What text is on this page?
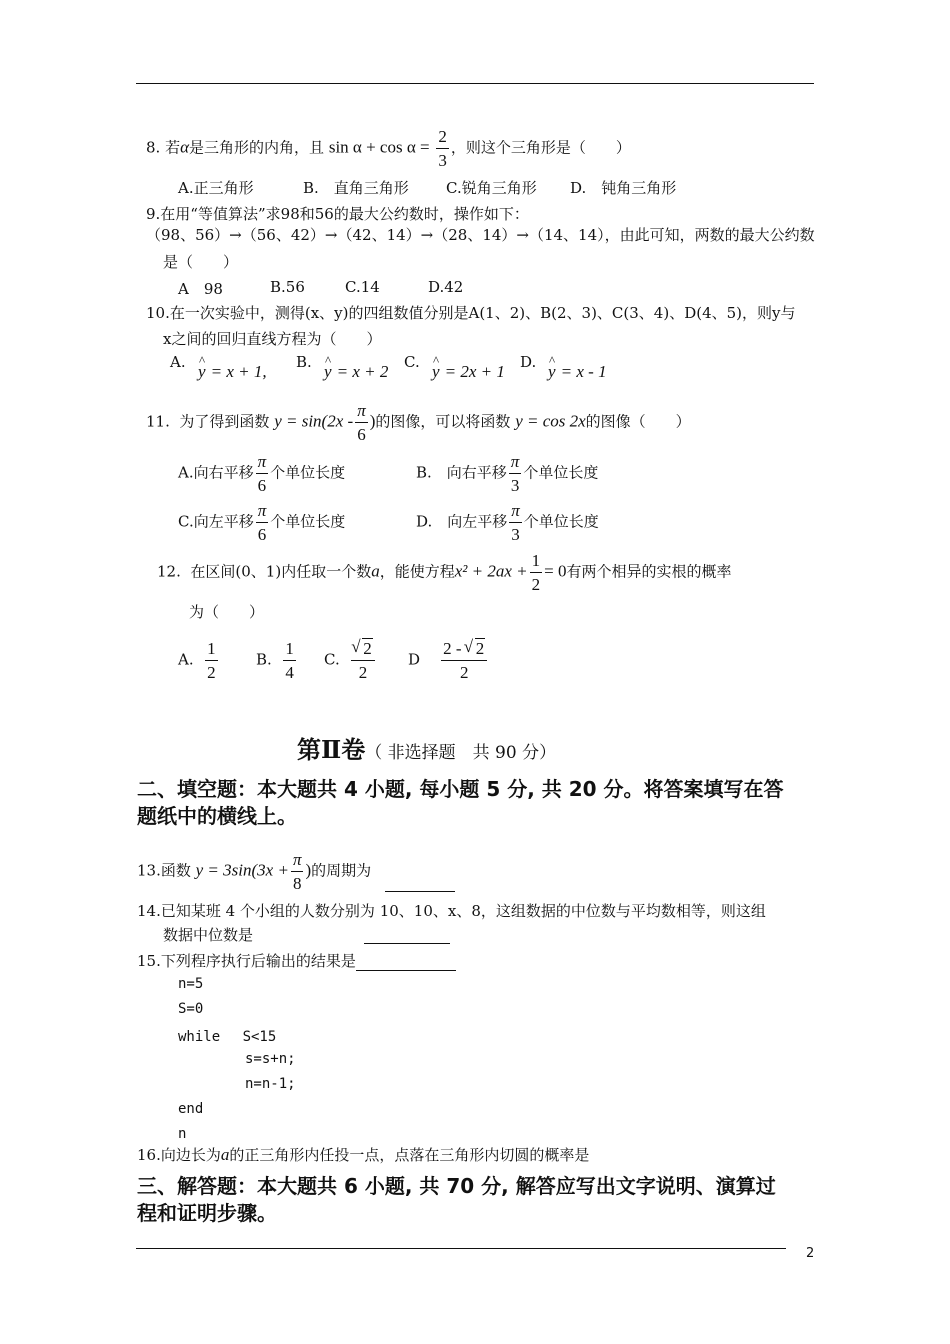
8. 若α是三角形的内角，且 $\sin \alpha + \cos \alpha = \frac{2}{3}$ ，则这个三角形是（　　）
A.正三角形	B.　直角三角形 C.锐角三角形 D.　钝角三角形
9.在用“等值算法”求98和56的最大公约数时，操作如下：
（98、56）→（56、42）→（42、14）→（28、14）→（14、14），由此可知，两数的最大公约数
是（　　）
A　98	B.56	C.14	D.42
10.在一次实验中，测得(x、y)的四组数值分别是A(1、2)、B(2、3)、C(3、4)、D(4、5)，则y与
x之间的回归直线方程为（　　）
A. ^ y = x + 1, B. ^ y = x + 2 C. ^ y = 2x + 1 D. ^ y = x - 1
11. 为了得到函数 $y = \sin(2x - \frac{\pi}{6}$ )的图像，可以将函数 y = cos 2x的图像（　　）
A.向右平移 $\frac{\pi}{6}$ 个单位长度	B.　向右平移 $\frac{\pi}{3}$ 个单位长度
C.向左平移 $\frac{\pi}{6}$ 个单位长度	D.　向左平移 $\frac{\pi}{3}$ 个单位长度
12. 在区间(0、1)内任取一个数a，能使方程$x^2 + 2ax + \frac{1}{2} = 0$有两个相异的实根的概率
为（　　）
A. $\frac{1}{2}$	B. $\frac{1}{4} C$. √ $\frac{2}{2}$ D $\frac{2 - √ 2}{2}$
第Ⅱ卷（ 非选择题　共 90 分）
二、填空题：本大题共 4 小题, 每小题 5 分, 共 20 分。将答案填写在答
题纸中的横线上。
13.函数 $y = 3\sin(3x + \frac{\pi}{8}$ )的周期为
14.已知某班 4 个小组的人数分别为 10、10、x、8，这组数据的中位数与平均数相等，则这组
数据中位数是
15.下列程序执行后输出的结果是
n=5
S=0
while　 S<15
s=s+n;
n=n-1;
end
n
16.向边长为a的正三角形内任投一点，点落在三角形内切圆的概率是
三、解答题：本大题共 6 小题, 共 70 分, 解答应写出文字说明、演算过
程和证明步骤。
2
